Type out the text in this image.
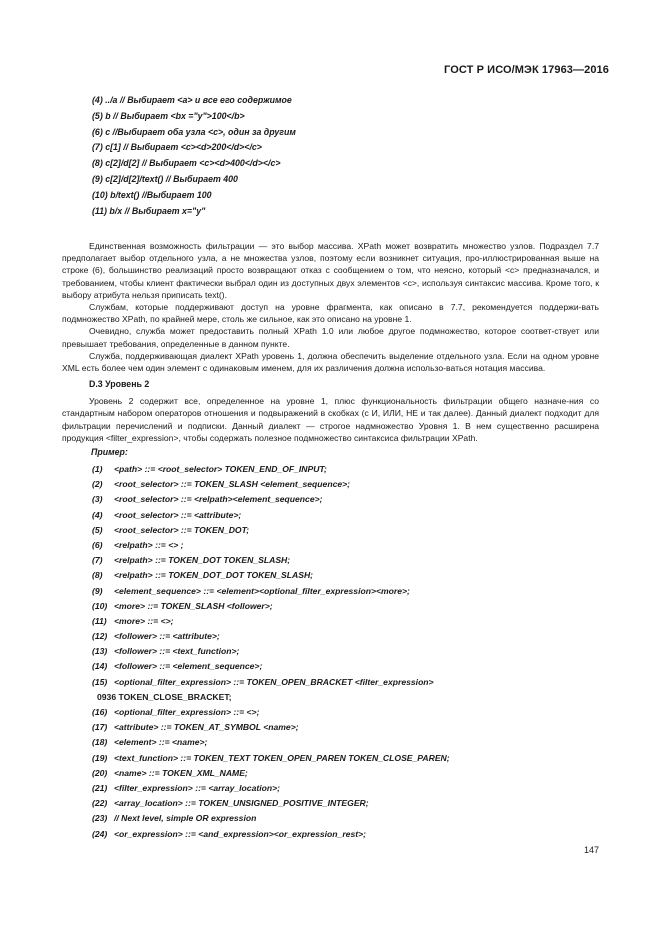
ГОСТ Р ИСО/МЭК 17963—2016
(4) ../a // Выбирает <a> и все его содержимое
(5) b // Выбирает <bx ="y">100</b>
(6) c //Выбирает оба узла <c>, один за другим
(7) c[1] // Выбирает <c><d>200</d></c>
(8) c[2]/d[2] // Выбирает <c><d>400</d></c>
(9) c[2]/d[2]/text() // Выбирает 400
(10) b/text() //Выбирает 100
(11) b/x // Выбирает x="y"

Единственная возможность фильтрации — это выбор массива. XPath может возвратить множество узлов. Подраздел 7.7 предполагает выбор отдельного узла, а не множества узлов, поэтому если возникнет ситуация, про-иллюстрированная выше на строке (6), большинство реализаций просто возвращают отказ с сообщением о том, что неясно, который <с> предназначался, и требованием, чтобы клиент фактически выбрал один из доступных двух элементов <с>, используя синтаксис массива. Кроме того, к выбору атрибута нельзя приписать text().

Службам, которые поддерживают доступ на уровне фрагмента, как описано в 7.7, рекомендуется поддержи-вать подмножество XPath, по крайней мере, столь же сильное, как это описано на уровне 1.

Очевидно, служба может предоставить полный XPath 1.0 или любое другое подмножество, которое соответ-ствует или превышает требования, определенные в данном пункте.

Служба, поддерживающая диалект XPath уровень 1, должна обеспечить выделение отдельного узла. Если на одном уровне XML есть более чем один элемент с одинаковым именем, для их различения должна использо-ваться нотация массива.

D.3 Уровень 2

Уровень 2 содержит все, определенное на уровне 1, плюс функциональность фильтрации общего назначе-ния со стандартным набором операторов отношения и подвыражений в скобках (с И, ИЛИ, НЕ и так далее). Данный диалект подходит для фильтрации перечислений и подписки. Данный диалект — строгое надмножество Уровня 1. В нем существенно расширена продукция <filter_expression>, чтобы содержать полезное подмножество синтаксиса фильтрации XPath.

Пример:
(1) <path> ::= <root_selector> TOKEN_END_OF_INPUT;
(2) <root_selector> ::= TOKEN_SLASH <element_sequence>;
(3) <root_selector> ::= <relpath><element_sequence>;
(4) <root_selector> ::= <attribute>;
(5) <root_selector> ::= TOKEN_DOT;
(6) <relpath> ::= <> ;
(7) <relpath> ::= TOKEN_DOT TOKEN_SLASH;
(8) <relpath> ::= TOKEN_DOT_DOT TOKEN_SLASH;
(9) <element_sequence> ::= <element><optional_filter_expression><more>;
(10) <more> ::= TOKEN_SLASH <follower>;
(11) <more> ::= <>;
(12) <follower> ::= <attribute>;
(13) <follower> ::= <text_function>;
(14) <follower> ::= <element_sequence>;
(15) <optional_filter_expression> ::= TOKEN_OPEN_BRACKET <filter_expression>
0936 TOKEN_CLOSE_BRACKET;
(16) <optional_filter_expression> ::= <>;
(17) <attribute> ::= TOKEN_AT_SYMBOL <name>;
(18) <element> ::= <name>;
(19) <text_function> ::= TOKEN_TEXT TOKEN_OPEN_PAREN TOKEN_CLOSE_PAREN;
(20) <name> ::= TOKEN_XML_NAME;
(21) <filter_expression> ::= <array_location>;
(22) <array_location> ::= TOKEN_UNSIGNED_POSITIVE_INTEGER;
(23) // Next level, simple OR expression
(24) <or_expression> ::= <and_expression><or_expression_rest>;
147
